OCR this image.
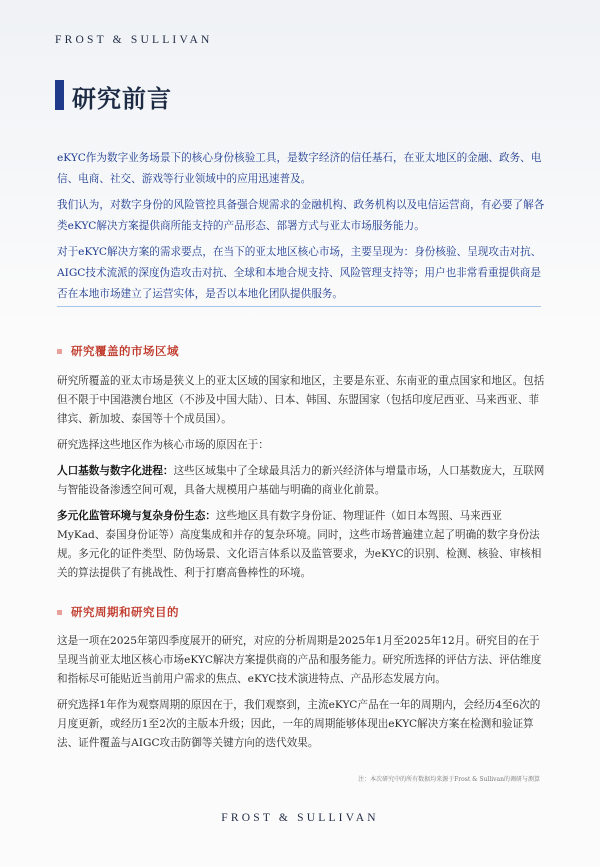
FROST & SULLIVAN
研究前言

eKYC作为数字业务场景下的核心身份核验工具，是数字经济的信任基石，在亚太地区的金融、政务、电信、电商、社交、游戏等行业领域中的应用迅速普及。

我们认为，对数字身份的风险管控具备强合规需求的金融机构、政务机构以及电信运营商，有必要了解各类eKYC解决方案提供商所能支持的产品形态、部署方式与亚太市场服务能力。

对于eKYC解决方案的需求要点，在当下的亚太地区核心市场，主要呈现为：身份核验、呈现攻击对抗、AIGC技术流派的深度伪造攻击对抗、全球和本地合规支持、风险管理支持等；用户也非常看重提供商是否在本地市场建立了运营实体，是否以本地化团队提供服务。

研究覆盖的市场区域

研究所覆盖的亚太市场是狭义上的亚太区域的国家和地区，主要是东亚、东南亚的重点国家和地区。包括但不限于中国港澳台地区（不涉及中国大陆）、日本、韩国、东盟国家（包括印度尼西亚、马来西亚、菲律宾、新加坡、泰国等十个成员国）。

研究选择这些地区作为核心市场的原因在于：

人口基数与数字化进程：这些区域集中了全球最具活力的新兴经济体与增量市场，人口基数庞大，互联网与智能设备渗透空间可观，具备大规模用户基础与明确的商业化前景。

多元化监管环境与复杂身份生态：这些地区具有数字身份证、物理证件（如日本驾照、马来西亚MyKad、泰国身份证等）高度集成和并存的复杂环境。同时，这些市场普遍建立起了明确的数字身份法规。多元化的证件类型、防伪场景、文化语言体系以及监管要求，为eKYC的识别、检测、核验、审核相关的算法提供了有挑战性、利于打磨高鲁棒性的环境。

研究周期和研究目的

这是一项在2025年第四季度展开的研究，对应的分析周期是2025年1月至2025年12月。研究目的在于呈现当前亚太地区核心市场eKYC解决方案提供商的产品和服务能力。研究所选择的评估方法、评估维度和指标尽可能贴近当前用户需求的焦点、eKYC技术演进特点、产品形态发展方向。

研究选择1年作为观察周期的原因在于，我们观察到，主流eKYC产品在一年的周期内，会经历4至6次的月度更新，或经历1至2次的主版本升级；因此，一年的周期能够体现出eKYC解决方案在检测和验证算法、证件覆盖与AIGC攻击防御等关键方向的迭代效果。

注：本次研究中的所有数据均来源于Frost & Sullivan的调研与测算
FROST & SULLIVAN
